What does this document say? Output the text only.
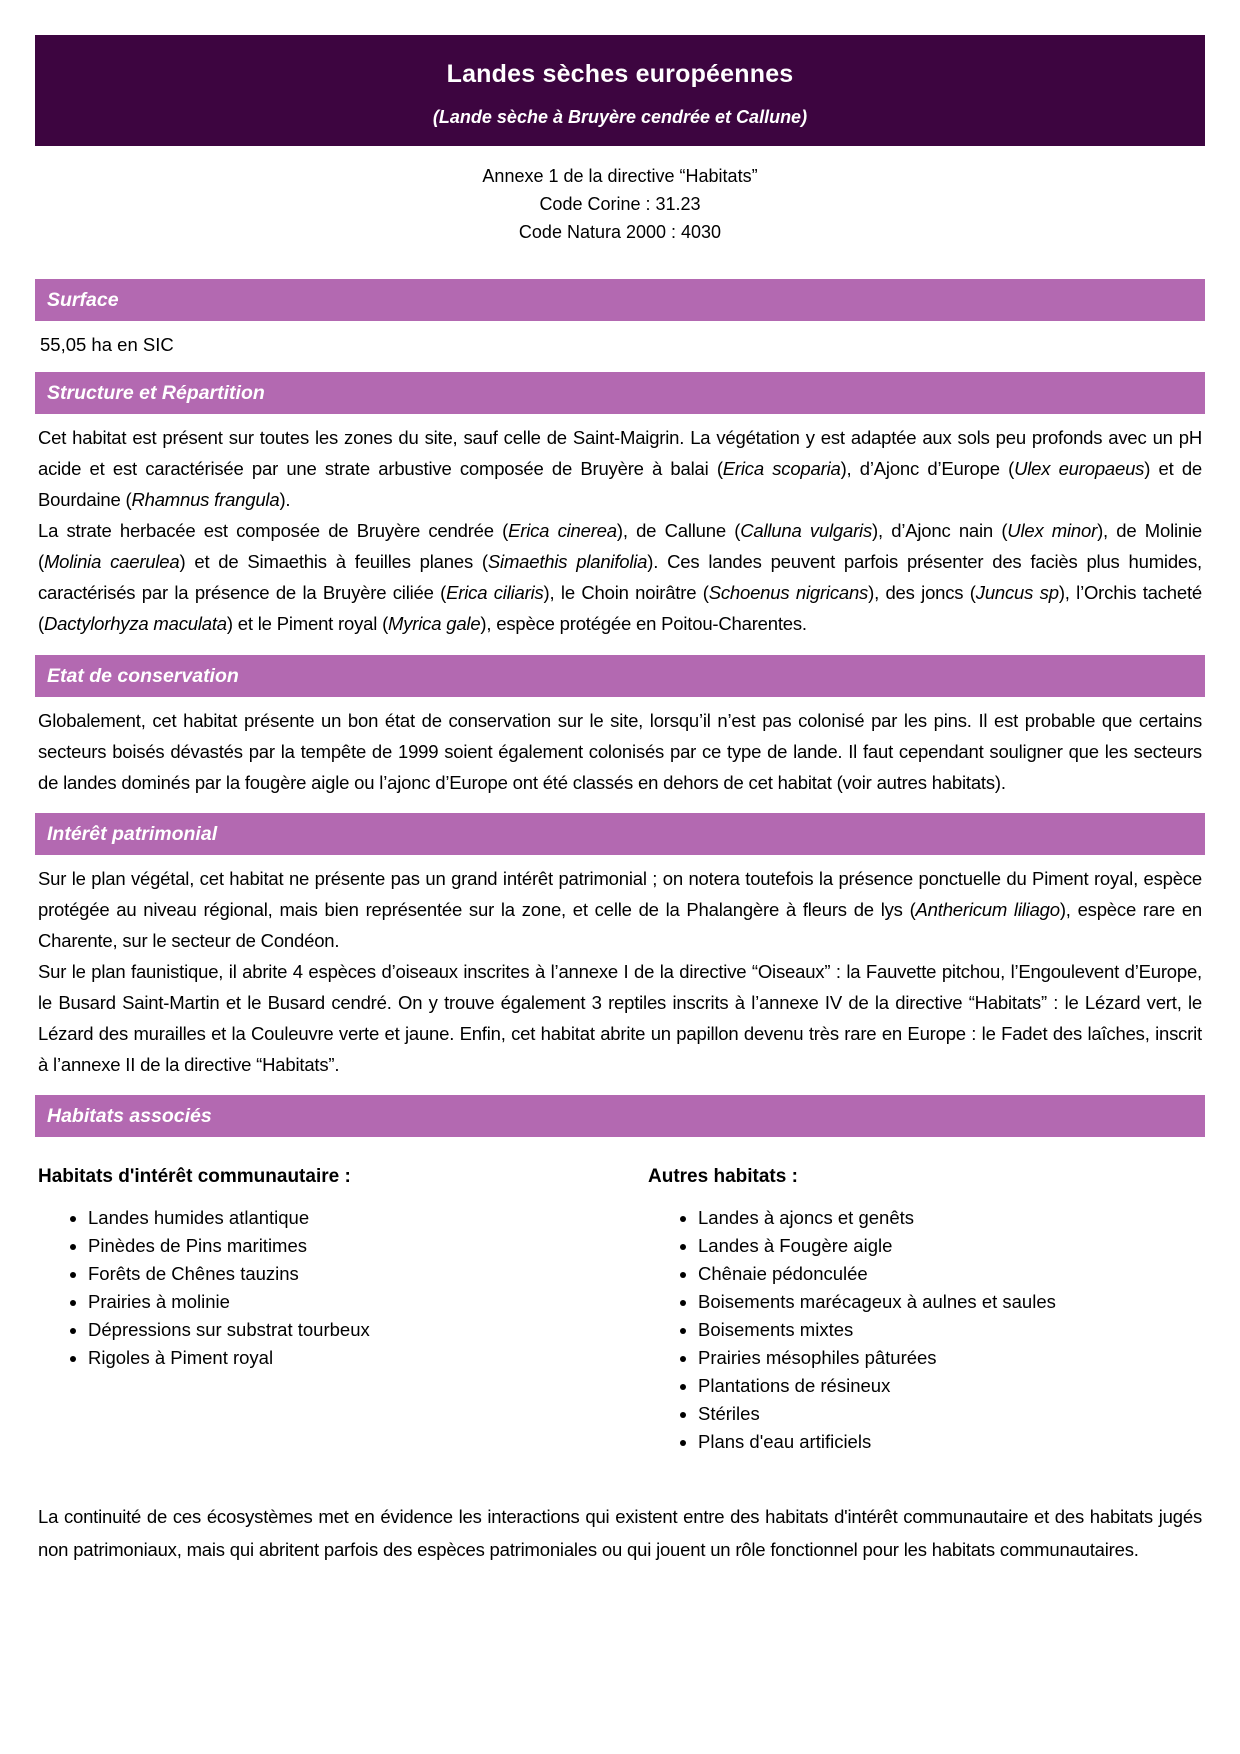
Landes sèches européennes
(Lande sèche à Bruyère cendrée et Callune)
Annexe 1 de la directive “Habitats”
Code Corine : 31.23
Code Natura 2000 : 4030
Surface
55,05 ha en SIC
Structure et Répartition

Cet habitat est présent sur toutes les zones du site, sauf celle de Saint-Maigrin. La végétation y est adaptée aux sols peu profonds avec un pH acide et est caractérisée par une strate arbustive composée de Bruyère à balai (Erica scoparia), d’Ajonc d’Europe (Ulex europaeus) et de Bourdaine (Rhamnus frangula).

La strate herbacée est composée de Bruyère cendrée (Erica cinerea), de Callune (Calluna vulgaris), d’Ajonc nain (Ulex minor), de Molinie (Molinia caerulea) et de Simaethis à feuilles planes (Simaethis planifolia). Ces landes peuvent parfois présenter des faciès plus humides, caractérisés par la présence de la Bruyère ciliée (Erica ciliaris), le Choin noirâtre (Schoenus nigricans), des joncs (Juncus sp), l’Orchis tacheté (Dactylorhyza maculata) et le Piment royal (Myrica gale), espèce protégée en Poitou-Charentes.

Etat de conservation

Globalement, cet habitat présente un bon état de conservation sur le site, lorsqu’il n’est pas colonisé par les pins. Il est probable que certains secteurs boisés dévastés par la tempête de 1999 soient également colonisés par ce type de lande. Il faut cependant souligner que les secteurs de landes dominés par la fougère aigle ou l’ajonc d’Europe ont été classés en dehors de cet habitat (voir autres habitats).

Intérêt patrimonial

Sur le plan végétal, cet habitat ne présente pas un grand intérêt patrimonial ; on notera toutefois la présence ponctuelle du Piment royal, espèce protégée au niveau régional, mais bien représentée sur la zone, et celle de la Phalangère à fleurs de lys (Anthericum liliago), espèce rare en Charente, sur le secteur de Condéon.

Sur le plan faunistique, il abrite 4 espèces d’oiseaux inscrites à l’annexe I de la directive “Oiseaux” : la Fauvette pitchou, l’Engoulevent d’Europe, le Busard Saint-Martin et le Busard cendré. On y trouve également 3 reptiles inscrits à l’annexe IV de la directive “Habitats” : le Lézard vert, le Lézard des murailles et la Couleuvre verte et jaune. Enfin, cet habitat abrite un papillon devenu très rare en Europe : le Fadet des laîches, inscrit à l’annexe II de la directive “Habitats”.

Habitats associés
Habitats d'intérêt communautaire :
• Landes humides atlantique
• Pinèdes de Pins maritimes
• Forêts de Chênes tauzins
• Prairies à molinie
• Dépressions sur substrat tourbeux
• Rigoles à Piment royal
Autres habitats :
• Landes à ajoncs et genêts
• Landes à Fougère aigle
• Chênaie pédonculée
• Boisements marécageux à aulnes et saules
• Boisements mixtes
• Prairies mésophiles pâturées
• Plantations de résineux
• Stériles
• Plans d'eau artificiels

La continuité de ces écosystèmes met en évidence les interactions qui existent entre des habitats d'intérêt communautaire et des habitats jugés non patrimoniaux, mais qui abritent parfois des espèces patrimoniales ou qui jouent un rôle fonctionnel pour les habitats communautaires.
